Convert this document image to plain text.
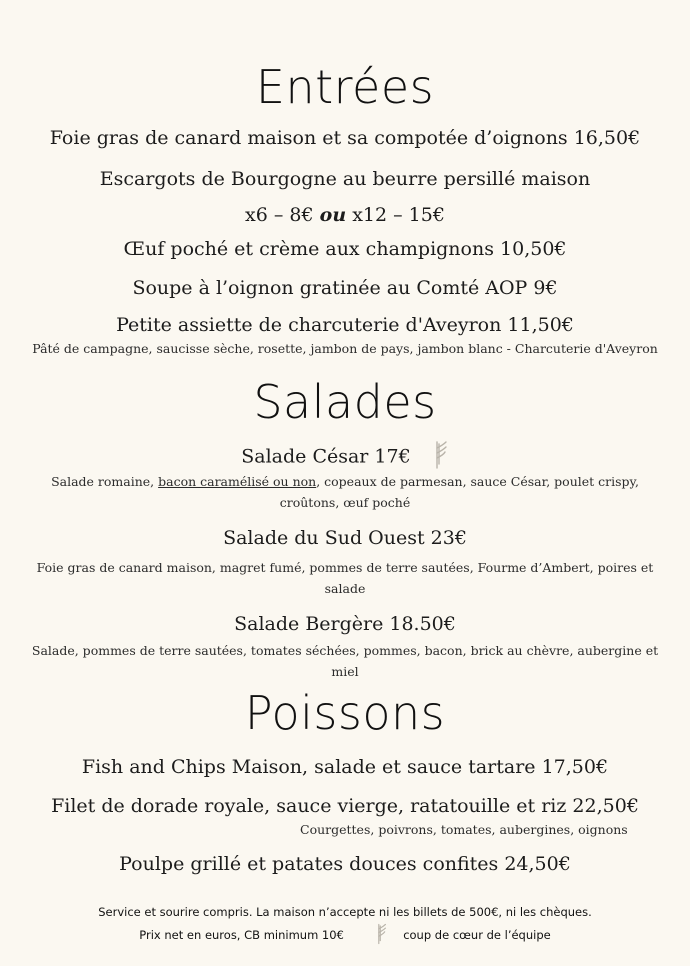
Entrées
Foie gras de canard maison et sa compotée d’oignons 16,50€
Escargots de Bourgogne au beurre persillé maison
x6 – 8€ ou x12 – 15€
Œuf poché et crème aux champignons 10,50€
Soupe à l’oignon gratinée au Comté AOP 9€
Petite assiette de charcuterie d'Aveyron 11,50€
Pâté de campagne, saucisse sèche, rosette, jambon de pays, jambon blanc - Charcuterie d'Aveyron
Salades
Salade César 17€
Salade romaine, bacon caramélisé ou non, copeaux de parmesan, sauce César, poulet crispy, croûtons, œuf poché
Salade du Sud Ouest 23€
Foie gras de canard maison, magret fumé, pommes de terre sautées, Fourme d’Ambert, poires et salade
Salade Bergère 18.50€
Salade, pommes de terre sautées, tomates séchées, pommes, bacon, brick au chèvre, aubergine et miel
Poissons
Fish and Chips Maison, salade et sauce tartare 17,50€
Filet de dorade royale, sauce vierge, ratatouille et riz 22,50€
Courgettes, poivrons, tomates, aubergines, oignons
Poulpe grillé et patates douces confites 24,50€
Service et sourire compris. La maison n’accepte ni les billets de 500€, ni les chèques.
Prix net en euros, CB minimum 10€	coup de cœur de l’équipe
